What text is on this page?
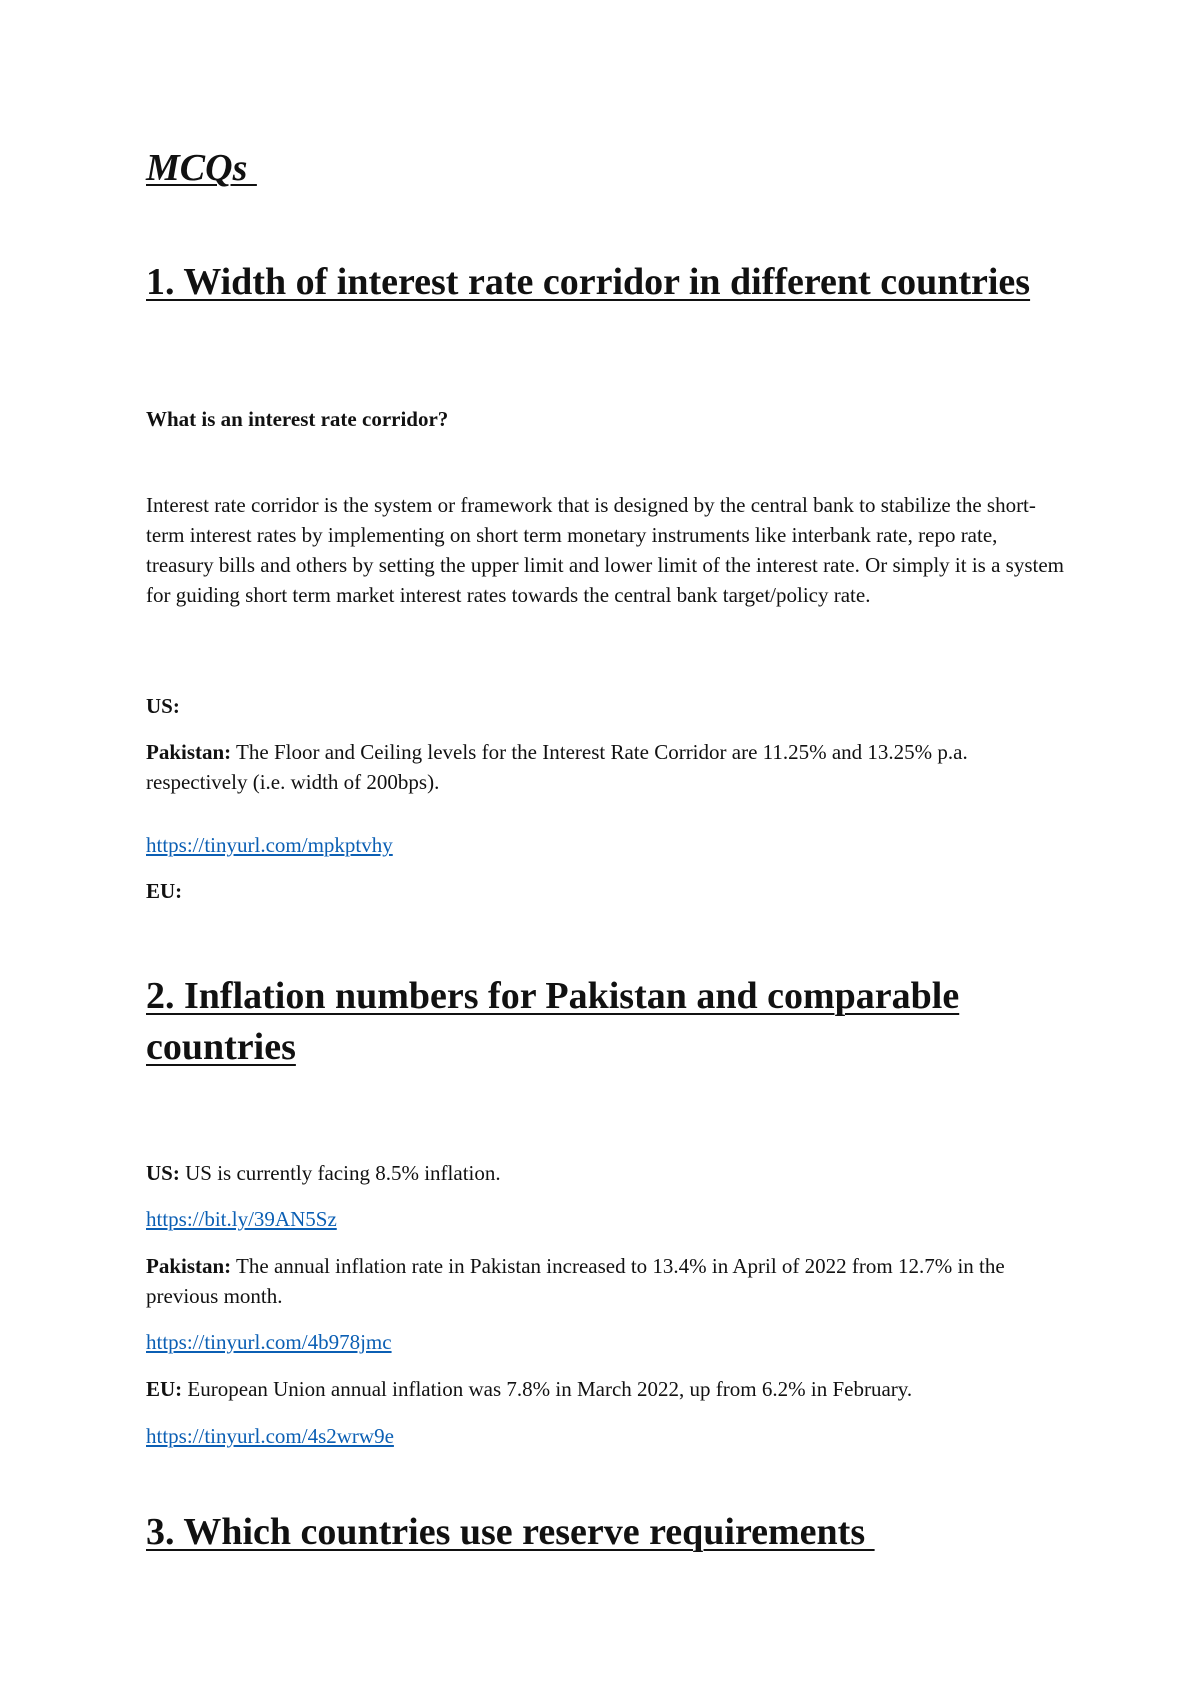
MCQs
1. Width of interest rate corridor in different countries

What is an interest rate corridor?

Interest rate corridor is the system or framework that is designed by the central bank to stabilize the short-term interest rates by implementing on short term monetary instruments like interbank rate, repo rate, treasury bills and others by setting the upper limit and lower limit of the interest rate. Or simply it is a system for guiding short term market interest rates towards the central bank target/policy rate.

US:

Pakistan: The Floor and Ceiling levels for the Interest Rate Corridor are 11.25% and 13.25% p.a. respectively (i.e. width of 200bps).

https://tinyurl.com/mpkptvhy

EU:

2. Inflation numbers for Pakistan and comparable countries

US: US is currently facing 8.5% inflation.

https://bit.ly/39AN5Sz

Pakistan: The annual inflation rate in Pakistan increased to 13.4% in April of 2022 from 12.7% in the previous month.

https://tinyurl.com/4b978jmc

EU: European Union annual inflation was 7.8% in March 2022, up from 6.2% in February.

https://tinyurl.com/4s2wrw9e

3. Which countries use reserve requirements
